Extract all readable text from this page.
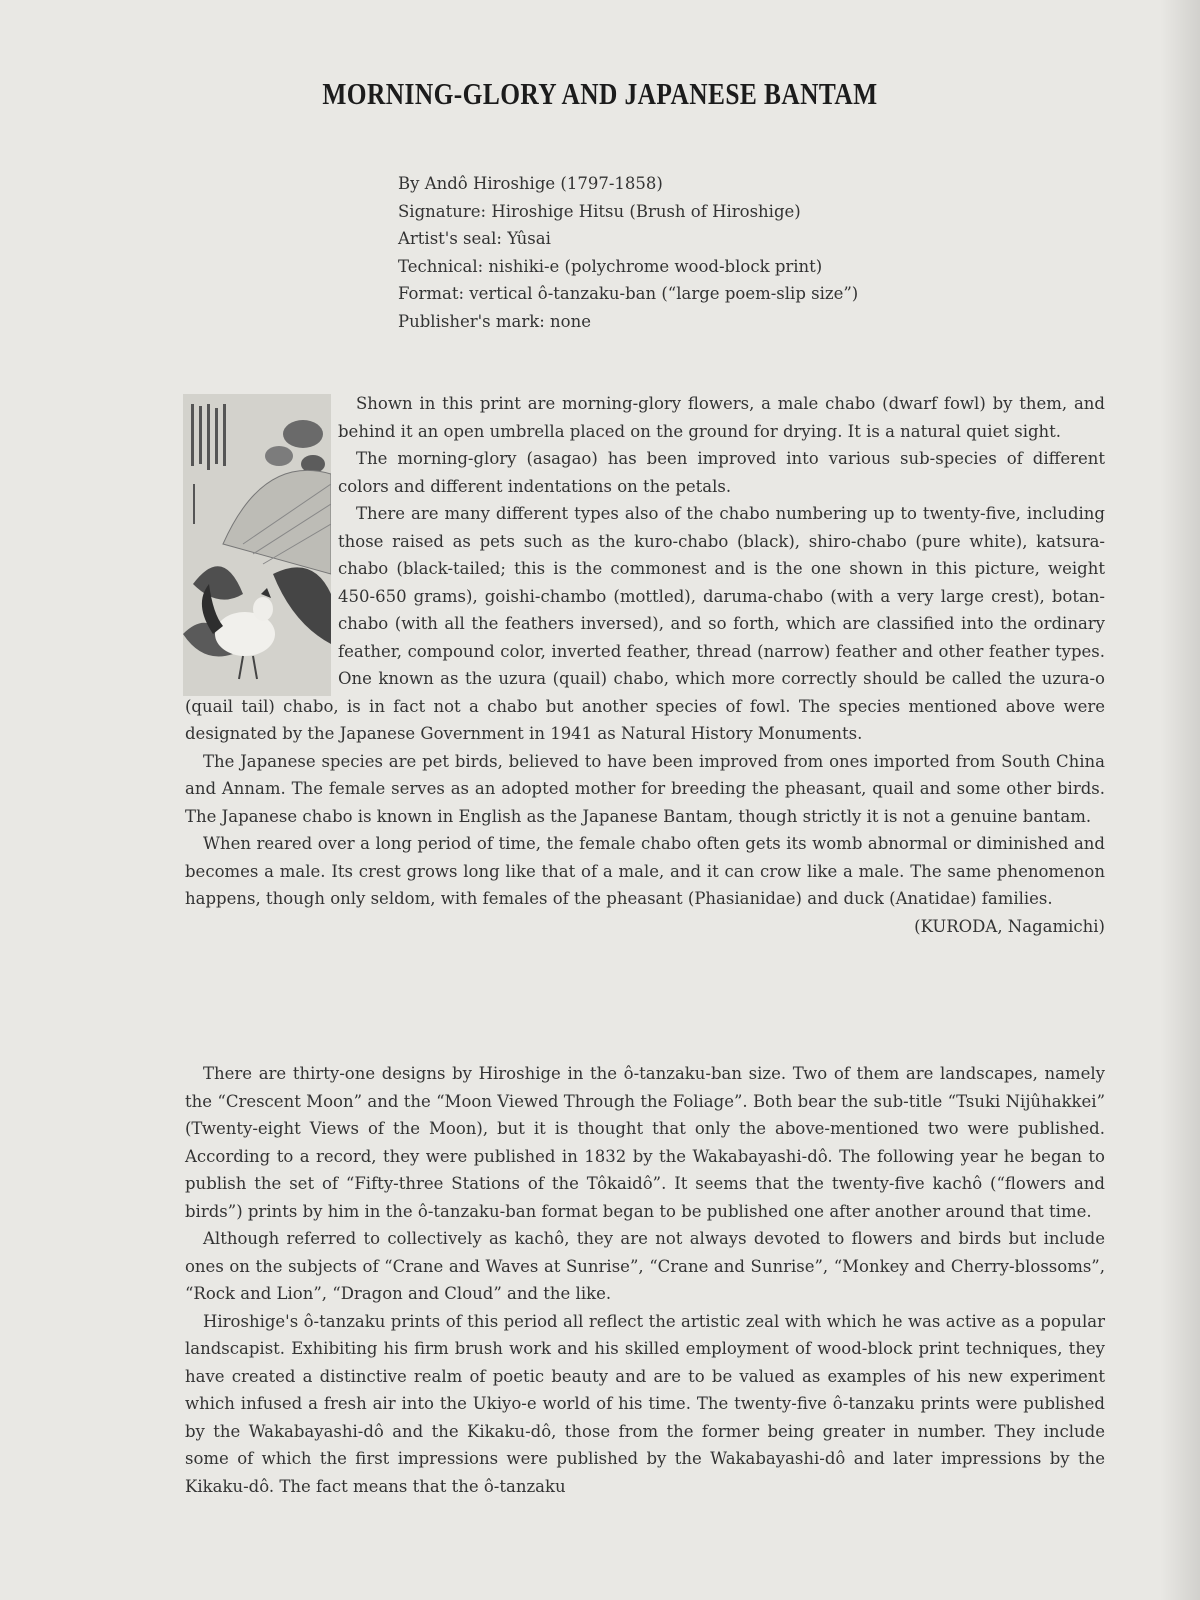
MORNING-GLORY AND JAPANESE BANTAM
By Andô Hiroshige (1797-1858)
Signature: Hiroshige Hitsu (Brush of Hiroshige)
Artist's seal: Yûsai
Technical: nishiki-e (polychrome wood-block print)
Format: vertical ô-tanzaku-ban (“large poem-slip size”)
Publisher's mark: none

Shown in this print are morning-glory flowers, a male chabo (dwarf fowl) by them, and behind it an open umbrella placed on the ground for drying. It is a natural quiet sight.

The morning-glory (asagao) has been improved into various sub-species of different colors and different indentations on the petals.

There are many different types also of the chabo numbering up to twenty-five, including those raised as pets such as the kuro-chabo (black), shiro-chabo (pure white), katsura-chabo (black-tailed; this is the commonest and is the one shown in this picture, weight 450-650 grams), goishi-chambo (mottled), daruma-chabo (with a very large crest), botan-chabo (with all the feathers inversed), and so forth, which are classified into the ordinary feather, compound color, inverted feather, thread (narrow) feather and other feather types. One known as the uzura (quail) chabo, which more correctly should be called the uzura-o (quail tail) chabo, is in fact not a chabo but another species of fowl. The species mentioned above were designated by the Japanese Government in 1941 as Natural History Monuments.

The Japanese species are pet birds, believed to have been improved from ones imported from South China and Annam. The female serves as an adopted mother for breeding the pheasant, quail and some other birds. The Japanese chabo is known in English as the Japanese Bantam, though strictly it is not a genuine bantam.

When reared over a long period of time, the female chabo often gets its womb abnormal or diminished and becomes a male. Its crest grows long like that of a male, and it can crow like a male. The same phenomenon happens, though only seldom, with females of the pheasant (Phasianidae) and duck (Anatidae) families.

(KURODA, Nagamichi)

There are thirty-one designs by Hiroshige in the ô-tanzaku-ban size. Two of them are landscapes, namely the “Crescent Moon” and the “Moon Viewed Through the Foliage”. Both bear the sub-title “Tsuki Nijûhakkei” (Twenty-eight Views of the Moon), but it is thought that only the above-mentioned two were published. According to a record, they were published in 1832 by the Wakabayashi-dô. The following year he began to publish the set of “Fifty-three Stations of the Tôkaidô”. It seems that the twenty-five kachô (“flowers and birds”) prints by him in the ô-tanzaku-ban format began to be published one after another around that time.

Although referred to collectively as kachô, they are not always devoted to flowers and birds but include ones on the subjects of “Crane and Waves at Sunrise”, “Crane and Sunrise”, “Monkey and Cherry-blossoms”, “Rock and Lion”, “Dragon and Cloud” and the like.

Hiroshige's ô-tanzaku prints of this period all reflect the artistic zeal with which he was active as a popular landscapist. Exhibiting his firm brush work and his skilled employment of wood-block print techniques, they have created a distinctive realm of poetic beauty and are to be valued as examples of his new experiment which infused a fresh air into the Ukiyo-e world of his time. The twenty-five ô-tanzaku prints were published by the Wakabayashi-dô and the Kikaku-dô, those from the former being greater in number. They include some of which the first impressions were published by the Wakabayashi-dô and later impressions by the Kikaku-dô. The fact means that the ô-tanzaku
